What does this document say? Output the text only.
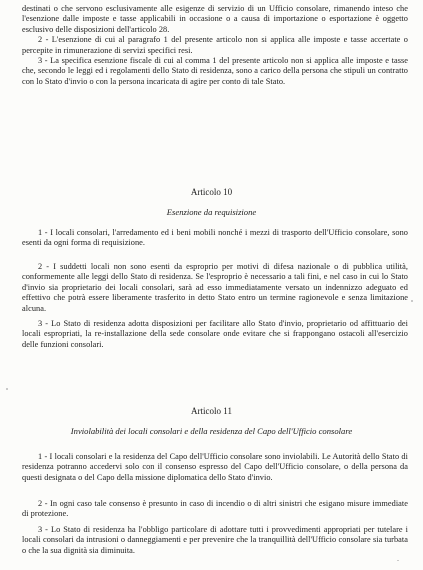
destinati o che servono esclusivamente alle esigenze di servizio di un Ufficio consolare, rimanendo inteso che l'esenzione dalle imposte e tasse applicabili in occasione o a causa di importazione o esportazione è oggetto esclusivo delle disposizioni dell'articolo 28.

2 - L'esenzione di cui al paragrafo 1 del presente articolo non si applica alle imposte e tasse accertate o percepite in rimunerazione di servizi specifici resi.

3 - La specifica esenzione fiscale di cui al comma 1 del presente articolo non si applica alle imposte e tasse che, secondo le leggi ed i regolamenti dello Stato di residenza, sono a carico della persona che stipuli un contratto con lo Stato d'invio o con la persona incaricata di agire per conto di tale Stato.

Articolo 10

Esenzione da requisizione

1 - I locali consolari, l'arredamento ed i beni mobili nonché i mezzi di trasporto dell'Ufficio consolare, sono esenti da ogni forma di requisizione.

2 - I suddetti locali non sono esenti da esproprio per motivi di difesa nazionale o di pubblica utilità, conformemente alle leggi dello Stato di residenza. Se l'esproprio è necessario a tali fini, e nel caso in cui lo Stato d'invio sia proprietario dei locali consolari, sarà ad esso immediatamente versato un indennizzo adeguato ed effettivo che potrà essere liberamente trasferito in detto Stato entro un termine ragionevole e senza limitazione alcuna.

3 - Lo Stato di residenza adotta disposizioni per facilitare allo Stato d'invio, proprietario od affittuario dei locali espropriati, la re-installazione della sede consolare onde evitare che si frappongano ostacoli all'esercizio delle funzioni consolari.

Articolo 11

Inviolabilità dei locali consolari e della residenza del Capo dell'Ufficio consolare

1 - I locali consolari e la residenza del Capo dell'Ufficio consolare sono inviolabili. Le Autorità dello Stato di residenza potranno accedervi solo con il consenso espresso del Capo dell'Ufficio consolare, o della persona da questi designata o del Capo della missione diplomatica dello Stato d'invio.

2 - In ogni caso tale consenso è presunto in caso di incendio o di altri sinistri che esigano misure immediate di protezione.

3 - Lo Stato di residenza ha l'obbligo particolare di adottare tutti i provvedimenti appropriati per tutelare i locali consolari da intrusioni o danneggiamenti e per prevenire che la tranquillità dell'Ufficio consolare sia turbata o che la sua dignità sia diminuita.
